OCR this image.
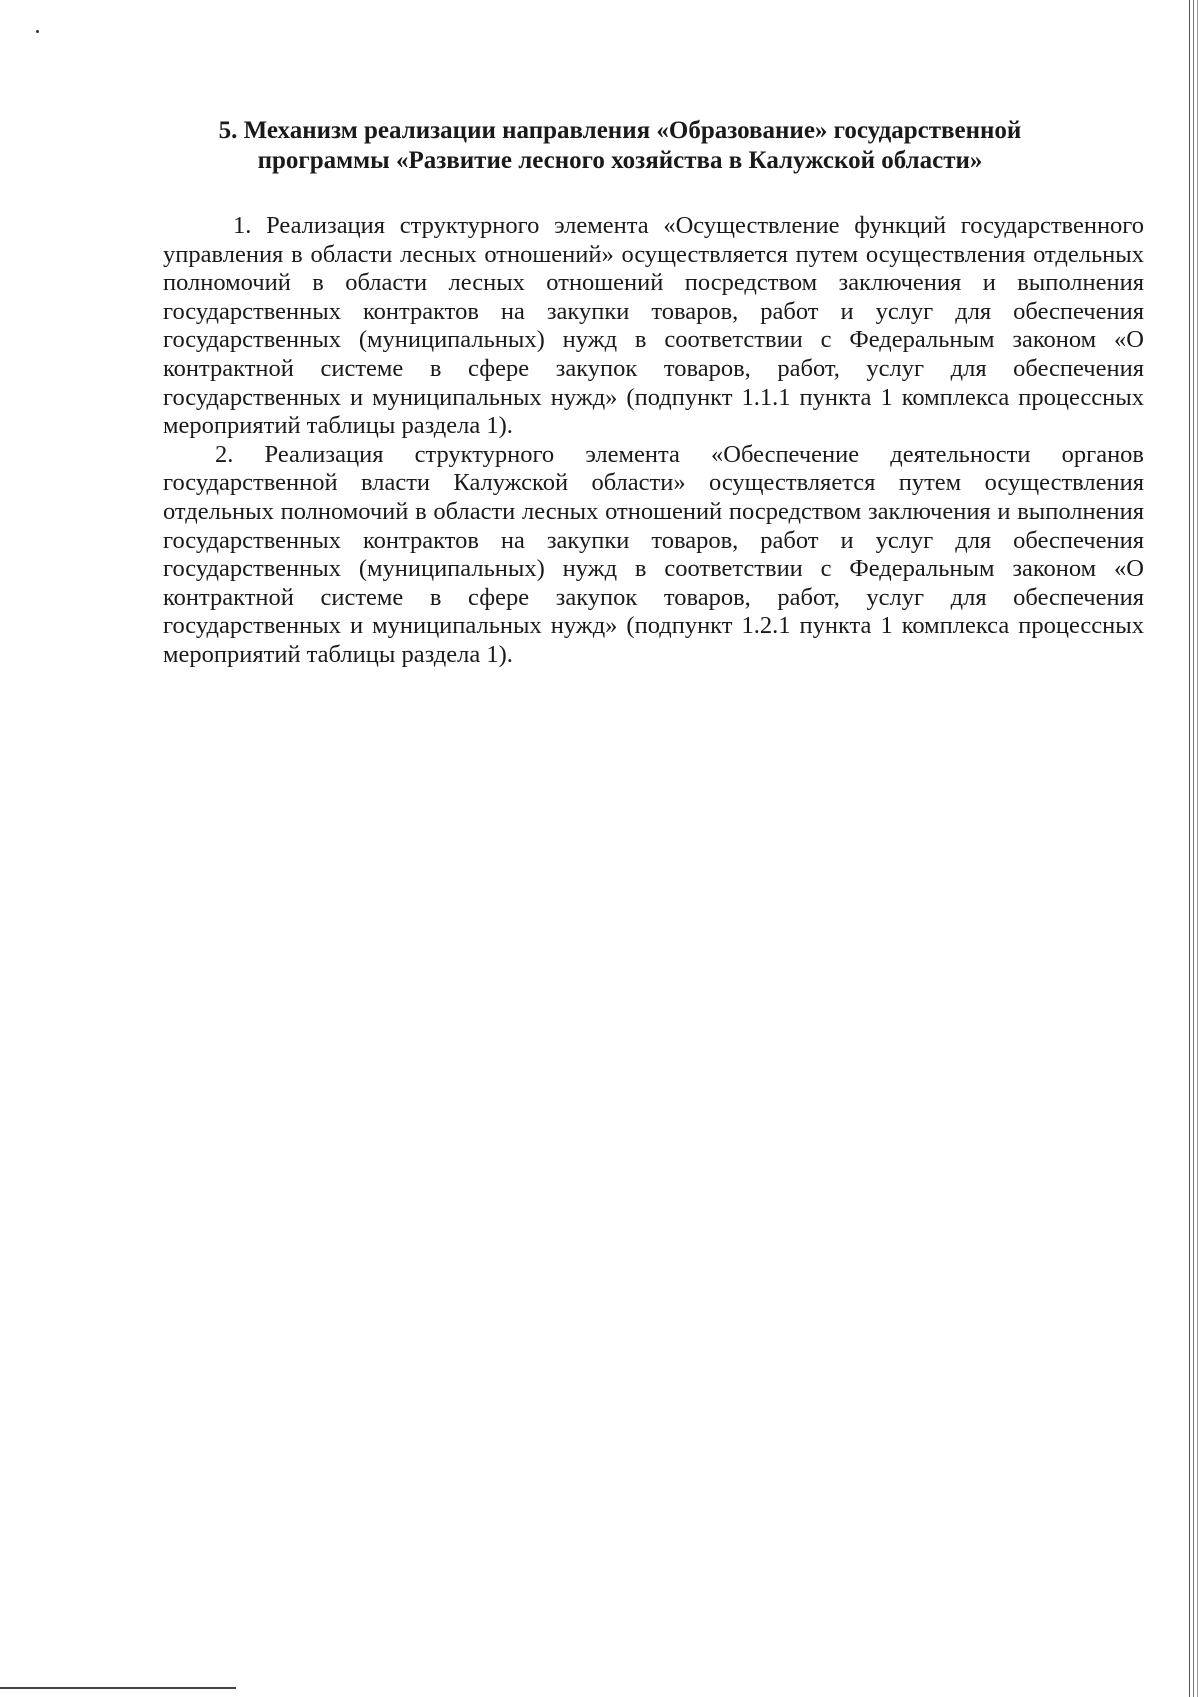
5. Механизм реализации направления «Образование» государственной
программы «Развитие лесного хозяйства в Калужской области»

1. Реализация структурного элемента «Осуществление функций государственного управления в области лесных отношений» осуществляется путем осуществления отдельных полномочий в области лесных отношений посредством заключения и выполнения государственных контрактов на закупки товаров, работ и услуг для обеспечения государственных (муниципальных) нужд в соответствии с Федеральным законом «О контрактной системе в сфере закупок товаров, работ, услуг для обеспечения государственных и муниципальных нужд» (подпункт 1.1.1 пункта 1 комплекса процессных мероприятий таблицы раздела 1).

2. Реализация структурного элемента «Обеспечение деятельности органов государственной власти Калужской области» осуществляется путем осуществления отдельных полномочий в области лесных отношений посредством заключения и выполнения государственных контрактов на закупки товаров, работ и услуг для обеспечения государственных (муниципальных) нужд в соответствии с Федеральным законом «О контрактной системе в сфере закупок товаров, работ, услуг для обеспечения государственных и муниципальных нужд» (подпункт 1.2.1 пункта 1 комплекса процессных мероприятий таблицы раздела 1).
